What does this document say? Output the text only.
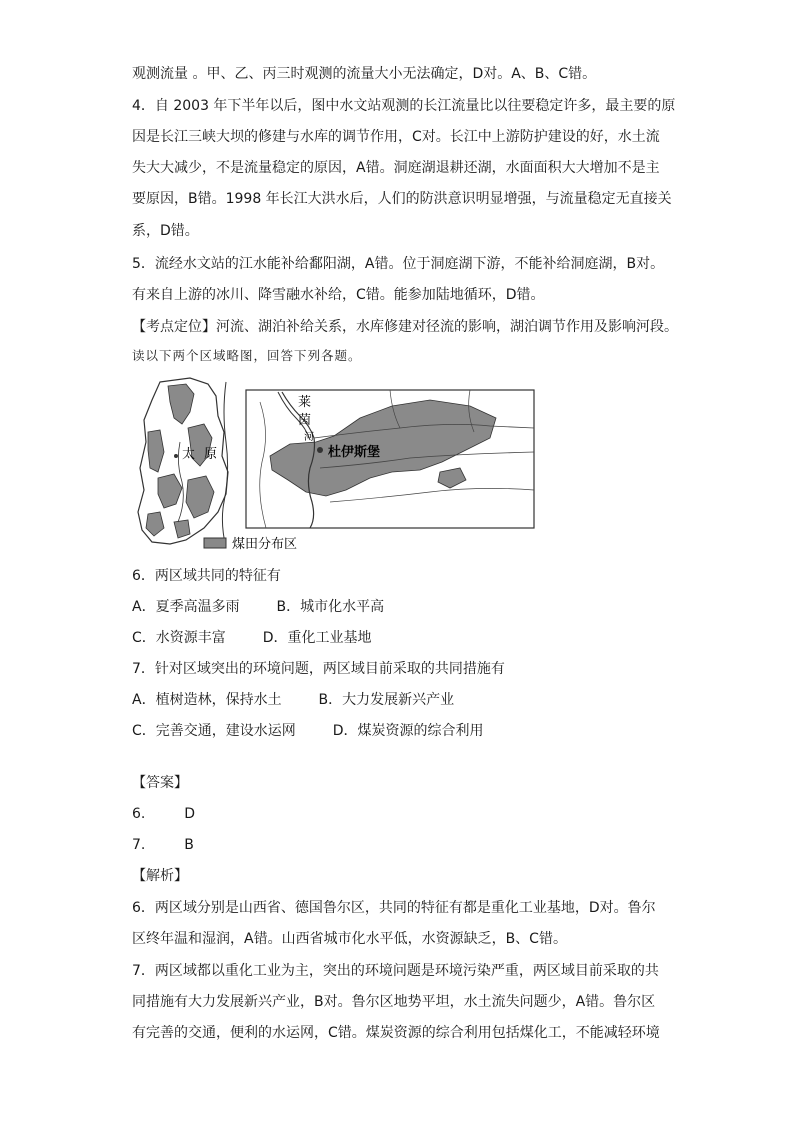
观测流量 。甲、乙、丙三时观测的流量大小无法确定，D对。A、B、C错。
4．自 2003 年下半年以后，图中水文站观测的长江流量比以往要稳定许多，最主要的原
因是长江三峡大坝的修建与水库的调节作用，C对。长江中上游防护建设的好，水土流
失大大减少，不是流量稳定的原因，A错。洞庭湖退耕还湖，水面面积大大增加不是主
要原因，B错。1998 年长江大洪水后，人们的防洪意识明显增强，与流量稳定无直接关
系，D错。
5．流经水文站的江水能补给鄱阳湖，A错。位于洞庭湖下游，不能补给洞庭湖，B对。
有来自上游的冰川、降雪融水补给，C错。能参加陆地循环，D错。
【考点定位】河流、湖泊补给关系，水库修建对径流的影响，湖泊调节作用及影响河段。
读以下两个区域略图，回答下列各题。
太 原
莱
茵
河
杜伊斯堡
煤田分布区
6．两区域共同的特征有
A．夏季高温多雨	B．城市化水平高
C．水资源丰富	D．重化工业基地
7．针对区域突出的环境问题，两区域目前采取的共同措施有
A．植树造林，保持水土	B．大力发展新兴产业
C．完善交通，建设水运网	D．煤炭资源的综合利用
【答案】
6.	D
7.	B
【解析】
6．两区域分别是山西省、德国鲁尔区，共同的特征有都是重化工业基地，D对。鲁尔
区终年温和湿润，A错。山西省城市化水平低，水资源缺乏，B、C错。
7．两区域都以重化工业为主，突出的环境问题是环境污染严重，两区域目前采取的共
同措施有大力发展新兴产业，B对。鲁尔区地势平坦，水土流失问题少，A错。鲁尔区
有完善的交通，便利的水运网，C错。煤炭资源的综合利用包括煤化工，不能减轻环境
